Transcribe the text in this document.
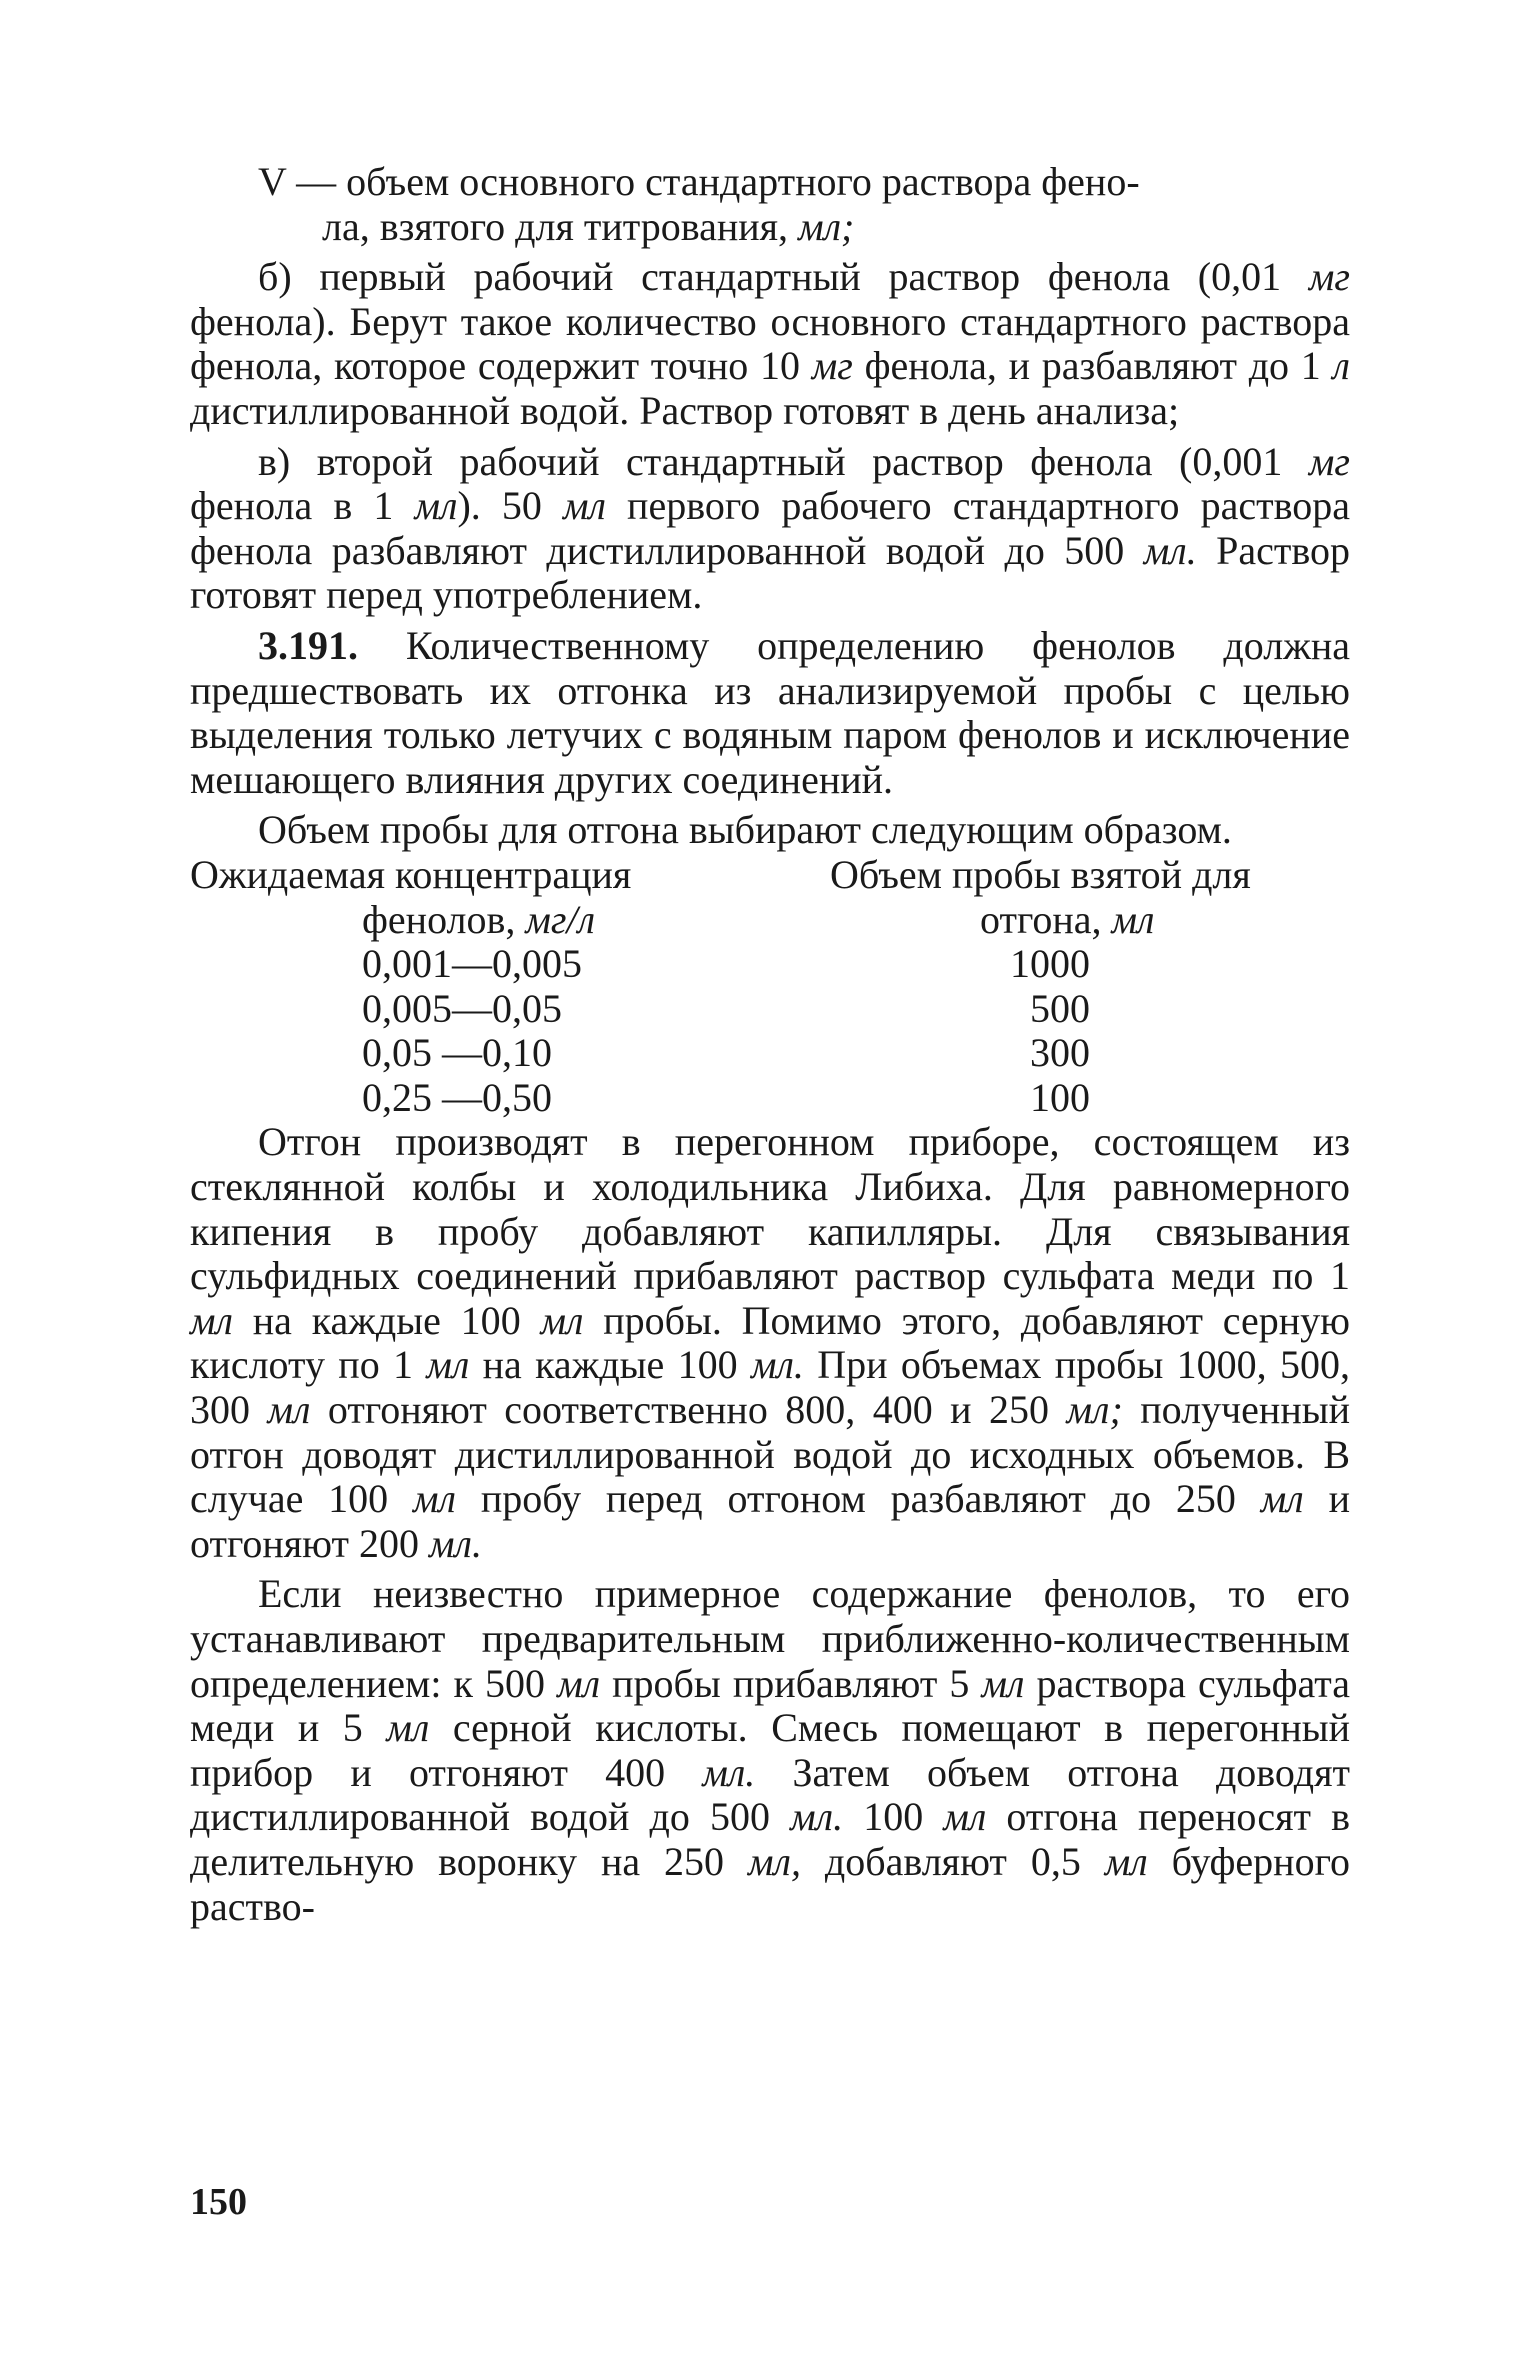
V — объем основного стандартного раствора фено-

ла, взятого для титрования, мл;

б) первый рабочий стандартный раствор фенола (0,01 мг фенола). Берут такое количество основного стандартного раствора фенола, которое содержит точно 10 мг фенола, и разбавляют до 1 л дистиллированной водой. Раствор готовят в день анализа;

в) второй рабочий стандартный раствор фенола (0,001 мг фенола в 1 мл). 50 мл первого рабочего стандартного раствора фенола разбавляют дистиллированной водой до 500 мл. Раствор готовят перед употреблением.

3.191. Количественному определению фенолов должна предшествовать их отгонка из анализируемой пробы с целью выделения только летучих с водяным паром фенолов и исключение мешающего влияния других соединений.

Объем пробы для отгона выбирают следующим образом.

Ожидаемая концентрация	Объем пробы взятой для
фенолов, мг/л	отгона, мл
0,001—0,005	1000
0,005—0,05	500
0,05 —0,10	300
0,25 —0,50	100

Отгон производят в перегонном приборе, состоящем из стеклянной колбы и холодильника Либиха. Для равномерного кипения в пробу добавляют капилляры. Для связывания сульфидных соединений прибавляют раствор сульфата меди по 1 мл на каждые 100 мл пробы. Помимо этого, добавляют серную кислоту по 1 мл на каждые 100 мл. При объемах пробы 1000, 500, 300 мл отгоняют соответственно 800, 400 и 250 мл; полученный отгон доводят дистиллированной водой до исходных объемов. В случае 100 мл пробу перед отгоном разбавляют до 250 мл и отгоняют 200 мл.

Если неизвестно примерное содержание фенолов, то его устанавливают предварительным приближенно-количественным определением: к 500 мл пробы прибавляют 5 мл раствора сульфата меди и 5 мл серной кислоты. Смесь помещают в перегонный прибор и отгоняют 400 мл. Затем объем отгона доводят дистиллированной водой до 500 мл. 100 мл отгона переносят в делительную воронку на 250 мл, добавляют 0,5 мл буферного раство-

150
